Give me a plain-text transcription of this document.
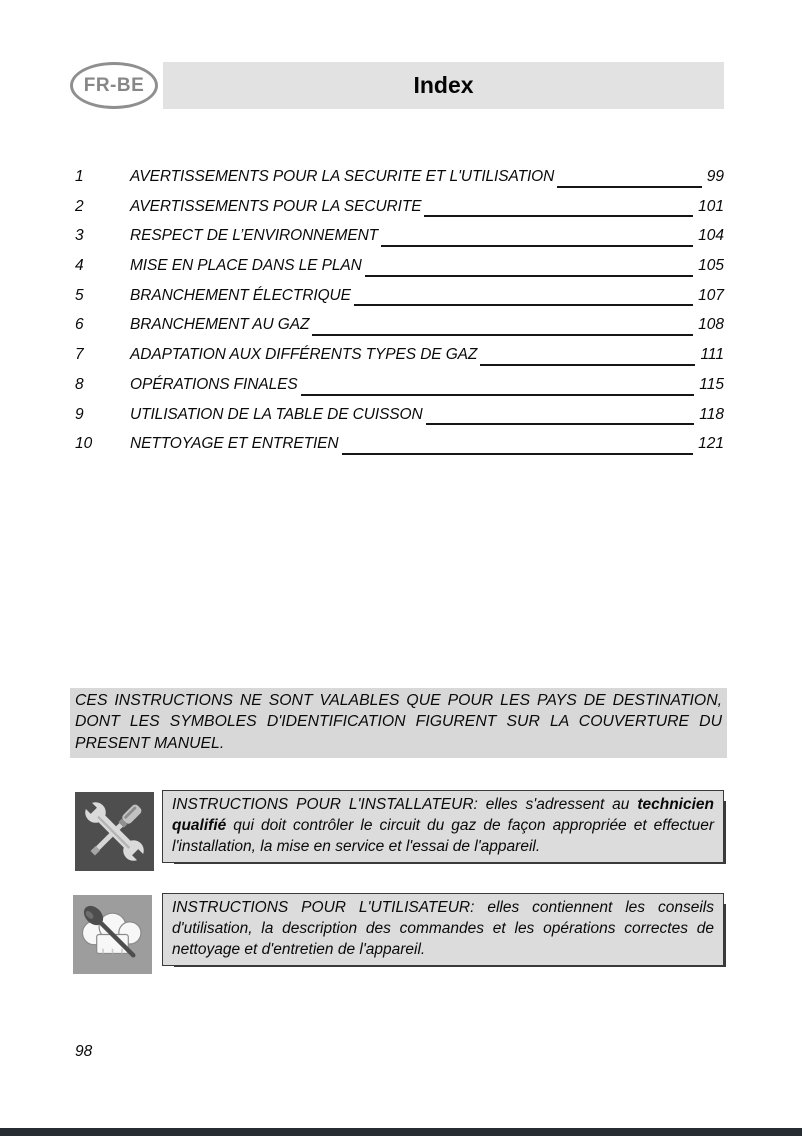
FR-BE	Index
1	AVERTISSEMENTS POUR LA SECURITE ET L'UTILISATION	99
2	AVERTISSEMENTS POUR LA SECURITE	101
3	RESPECT DE L’ENVIRONNEMENT	104
4	MISE EN PLACE DANS LE PLAN	105
5	BRANCHEMENT ÉLECTRIQUE	107
6	BRANCHEMENT AU GAZ	108
7	ADAPTATION AUX DIFFÉRENTS TYPES DE GAZ	111
8	OPÉRATIONS FINALES	115
9	UTILISATION DE LA TABLE DE CUISSON	118
10	NETTOYAGE ET ENTRETIEN	121
CES INSTRUCTIONS NE SONT VALABLES QUE POUR LES PAYS DE DESTINATION, DONT LES SYMBOLES D'IDENTIFICATION FIGURENT SUR LA COUVERTURE DU PRESENT MANUEL.
INSTRUCTIONS POUR L'INSTALLATEUR: elles s'adressent au technicien qualifié qui doit contrôler le circuit du gaz de façon appropriée et effectuer l'installation, la mise en service et l'essai de l'appareil.
INSTRUCTIONS POUR L'UTILISATEUR: elles contiennent les conseils d'utilisation, la description des commandes et les opérations correctes de nettoyage et d'entretien de l'appareil.
98
